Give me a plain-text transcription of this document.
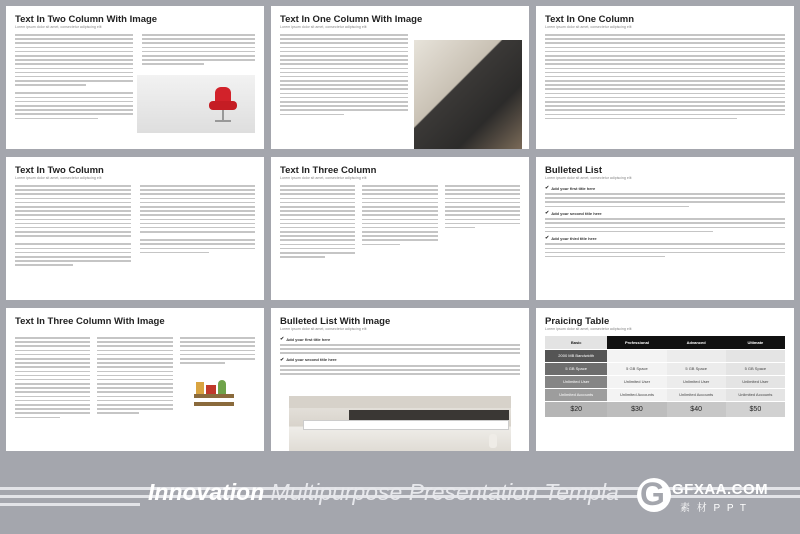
Text In Two Column With Image
Lorem ipsum dolor sit amet, consectetur adipiscing elit
Text In One Column With Image
Lorem ipsum dolor sit amet, consectetur adipiscing elit
Text In One Column
Lorem ipsum dolor sit amet, consectetur adipiscing elit
Text In Two Column
Lorem ipsum dolor sit amet, consectetur adipiscing elit
Text In Three Column
Lorem ipsum dolor sit amet, consectetur adipiscing elit
Bulleted List
Lorem ipsum dolor sit amet, consectetur adipiscing elit
✔ Add your first title here
✔ Add your second title here
✔ Add your third title here
Text In Three Column With Image	Bulleted List With Image
Lorem ipsum dolor sit amet, consectetur adipiscing elit
✔ Add your first title here
✔ Add your second title here
Praicing Table
Lorem ipsum dolor sit amet, consectetur adipiscing elit
Basic	Professional	Advanced	Ultimate
2000 MB Bandwidth			
5 GB Space	5 GB Space	5 GB Space	5 GB Space
Unlimited User	Unlimited User	Unlimited User	Unlimited User
Unlimited Accounts	Unlimited Accounts	Unlimited Accounts	Unlimited Accounts
$20	$30	$40	$50
Innovation Multipurpose Presentation Templa G GFXAA.COM
素 材 P P T
